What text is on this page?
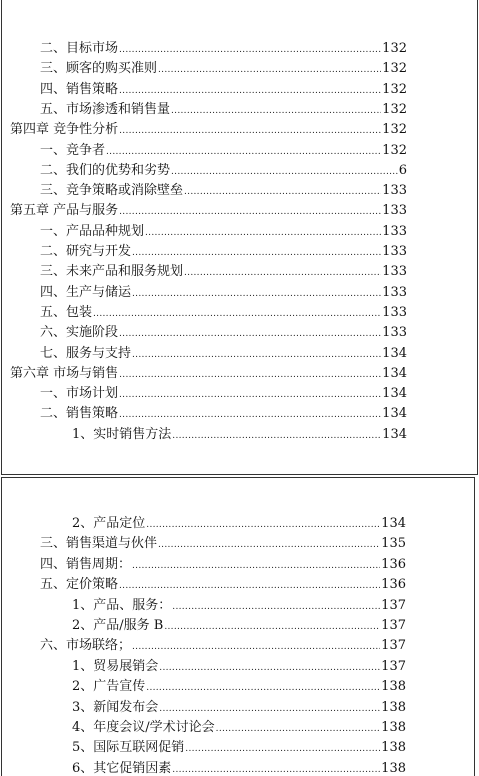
二、目标市场 .....	132
三、顾客的购买准则 .....	132
四、销售策略 .....	132
五、市场渗透和销售量 .....	132
第四章 竞争性分析 .....	132
一、竞争者 .....	132
二、我们的优势和劣势 .....	6
三、竞争策略或消除壁垒 .....	133
第五章 产品与服务 .....	133
一、产品品种规划 .....	133
二、研究与开发 .....	133
三、未来产品和服务规划 .....	133
四、生产与储运 .....	133
五、包装 .....	133
六、实施阶段 .....	133
七、服务与支持 .....	134
第六章 市场与销售 .....	134
一、市场计划 .....	134
二、销售策略 .....	134
1、实时销售方法 .....	134
2、产品定位 .....	134
三、销售渠道与伙伴 .....	135
四、销售周期： .....	136
五、定价策略 .....	136
1、产品、服务： .....	137
2、产品/服务 B .....	137
六、市场联络； .....	137
1、贸易展销会 .....	137
2、广告宣传 .....	138
3、新闻发布会 .....	138
4、年度会议/学术讨论会 .....	138
5、国际互联网促销 .....	138
6、其它促销因素 .....	138
